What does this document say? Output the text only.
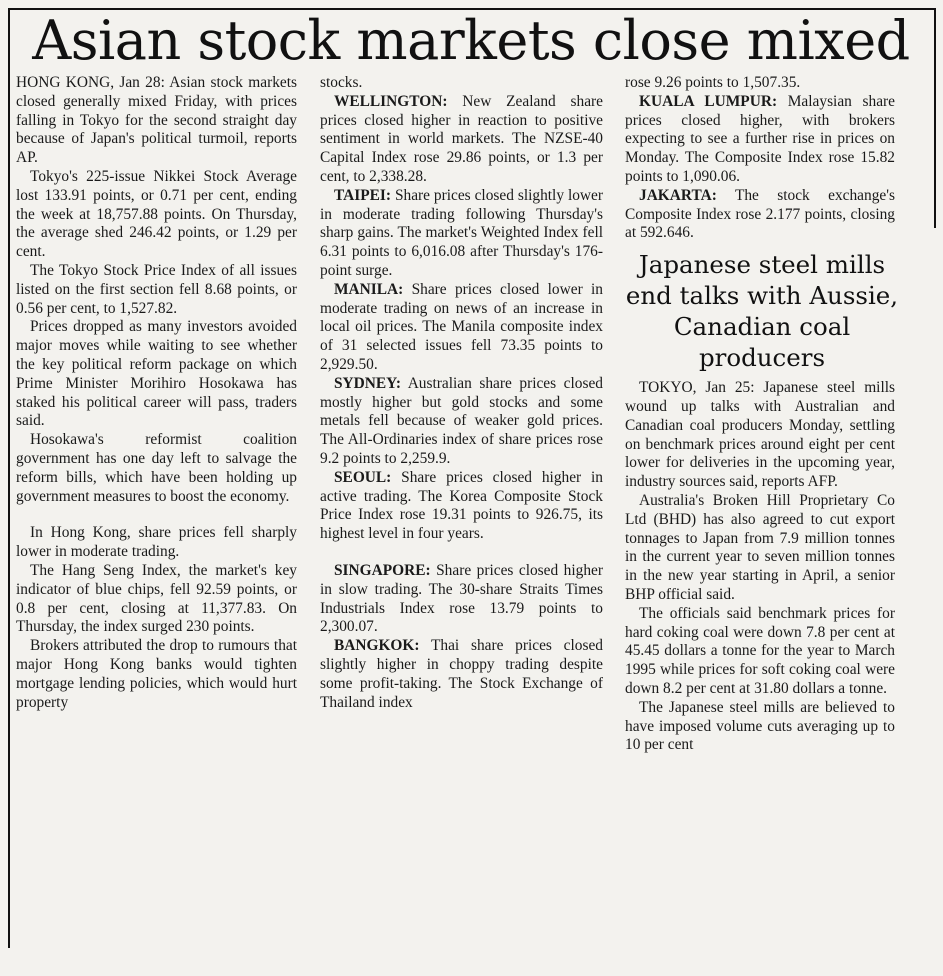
Asian stock markets close mixed

HONG KONG, Jan 28: Asian stock markets closed generally mixed Friday, with prices falling in Tokyo for the second straight day because of Japan's political turmoil, reports AP.

Tokyo's 225-issue Nikkei Stock Average lost 133.91 points, or 0.71 per cent, ending the week at 18,757.88 points. On Thursday, the average shed 246.42 points, or 1.29 per cent.

The Tokyo Stock Price Index of all issues listed on the first section fell 8.68 points, or 0.56 per cent, to 1,527.82.

Prices dropped as many investors avoided major moves while waiting to see whether the key political reform package on which Prime Minister Morihiro Hosokawa has staked his political career will pass, traders said.

Hosokawa's reformist coalition government has one day left to salvage the reform bills, which have been holding up government measures to boost the economy.

In Hong Kong, share prices fell sharply lower in moderate trading.

The Hang Seng Index, the market's key indicator of blue chips, fell 92.59 points, or 0.8 per cent, closing at 11,377.83. On Thursday, the index surged 230 points.

Brokers attributed the drop to rumours that major Hong Kong banks would tighten mortgage lending policies, which would hurt property

stocks.

WELLINGTON: New Zealand share prices closed higher in reaction to positive sentiment in world markets. The NZSE-40 Capital Index rose 29.86 points, or 1.3 per cent, to 2,338.28.

TAIPEI: Share prices closed slightly lower in moderate trading following Thursday's sharp gains. The market's Weighted Index fell 6.31 points to 6,016.08 after Thursday's 176-point surge.

MANILA: Share prices closed lower in moderate trading on news of an increase in local oil prices. The Manila composite index of 31 selected issues fell 73.35 points to 2,929.50.

SYDNEY: Australian share prices closed mostly higher but gold stocks and some metals fell because of weaker gold prices. The All-Ordinaries index of share prices rose 9.2 points to 2,259.9.

SEOUL: Share prices closed higher in active trading. The Korea Composite Stock Price Index rose 19.31 points to 926.75, its highest level in four years.

SINGAPORE: Share prices closed higher in slow trading. The 30-share Straits Times Industrials Index rose 13.79 points to 2,300.07.

BANGKOK: Thai share prices closed slightly higher in choppy trading despite some profit-taking. The Stock Exchange of Thailand index

rose 9.26 points to 1,507.35.

KUALA LUMPUR: Malaysian share prices closed higher, with brokers expecting to see a further rise in prices on Monday. The Composite Index rose 15.82 points to 1,090.06.

JAKARTA: The stock exchange's Composite Index rose 2.177 points, closing at 592.646.

Japanese steel mills end talks with Aussie, Canadian coal producers

TOKYO, Jan 25: Japanese steel mills wound up talks with Australian and Canadian coal producers Monday, settling on benchmark prices around eight per cent lower for deliveries in the upcoming year, industry sources said, reports AFP.

Australia's Broken Hill Proprietary Co Ltd (BHD) has also agreed to cut export tonnages to Japan from 7.9 million tonnes in the current year to seven million tonnes in the new year starting in April, a senior BHP official said.

The officials said benchmark prices for hard coking coal were down 7.8 per cent at 45.45 dollars a tonne for the year to March 1995 while prices for soft coking coal were down 8.2 per cent at 31.80 dollars a tonne.

The Japanese steel mills are believed to have imposed volume cuts averaging up to 10 per cent
